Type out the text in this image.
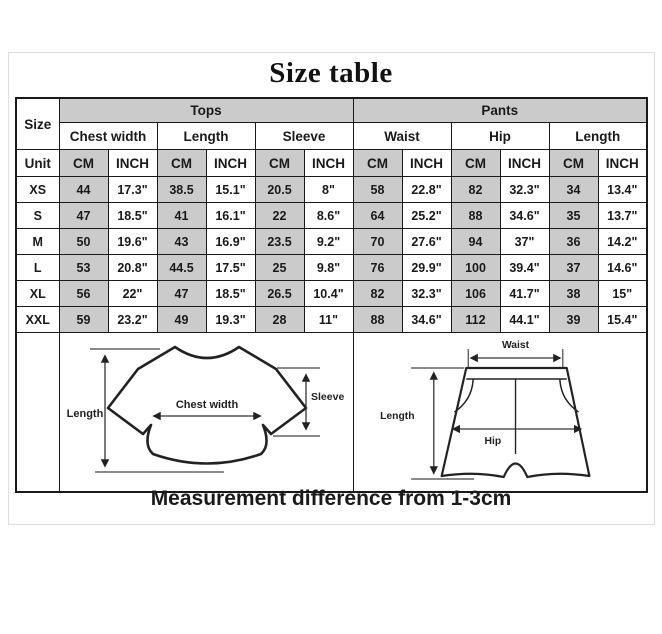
Size table
Size	Tops						Pants					
	Chest width		Length		Sleeve		Waist		Hip		Length	
Unit	CM	INCH	CM	INCH	CM	INCH	CM	INCH	CM	INCH	CM	INCH
XS	44	17.3"	38.5	15.1"	20.5	8"	58	22.8"	82	32.3"	34	13.4"
S	47	18.5"	41	16.1"	22	8.6"	64	25.2"	88	34.6"	35	13.7"
M	50	19.6"	43	16.9"	23.5	9.2"	70	27.6"	94	37"	36	14.2"
L	53	20.8"	44.5	17.5"	25	9.8"	76	29.9"	100	39.4"	37	14.6"
XL	56	22"	47	18.5"	26.5	10.4"	82	32.3"	106	41.7"	38	15"
XXL	59	23.2"	49	19.3"	28	11"	88	34.6"	112	44.1"	39	15.4"

Length
Chest width
Sleeve						Waist
Length
Hip					
Measurement difference from 1-3cm
